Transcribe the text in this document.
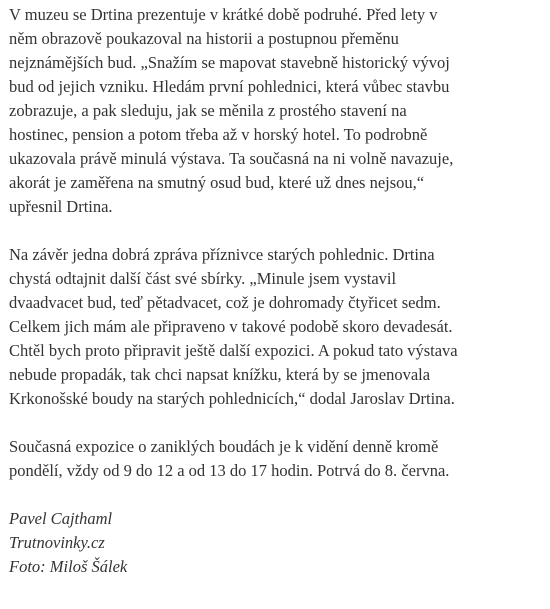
V muzeu se Drtina prezentuje v krátké době podruhé. Před lety v
něm obrazově poukazoval na historii a postupnou přeměnu
nejznámějších bud. „Snažím se mapovat stavebně historický vývoj
bud od jejich vzniku. Hledám první pohlednici, která vůbec stavbu
zobrazuje, a pak sleduju, jak se měnila z prostého stavení na
hostinec, pension a potom třeba až v horský hotel. To podrobně
ukazovala právě minulá výstava. Ta současná na ni volně navazuje,
akorát je zaměřena na smutný osud bud, které už dnes nejsou,“
upřesnil Drtina.
Na závěr jedna dobrá zpráva příznivce starých pohlednic. Drtina
chystá odtajnit další část své sbírky. „Minule jsem vystavil
dvaadvacet bud, teď pětadvacet, což je dohromady čtyřicet sedm.
Celkem jich mám ale připraveno v takové podobě skoro devadesát.
Chtěl bych proto připravit ještě další expozici. A pokud tato výstava
nebude propadák, tak chci napsat knížku, která by se jmenovala
Krkonošské boudy na starých pohlednicích,“ dodal Jaroslav Drtina.
Současná expozice o zaniklých boudách je k vidění denně kromě
pondělí, vždy od 9 do 12 a od 13 do 17 hodin. Potrvá do 8. června.
Pavel Cajthaml
Trutnovinky.cz
Foto: Miloš Šálek
